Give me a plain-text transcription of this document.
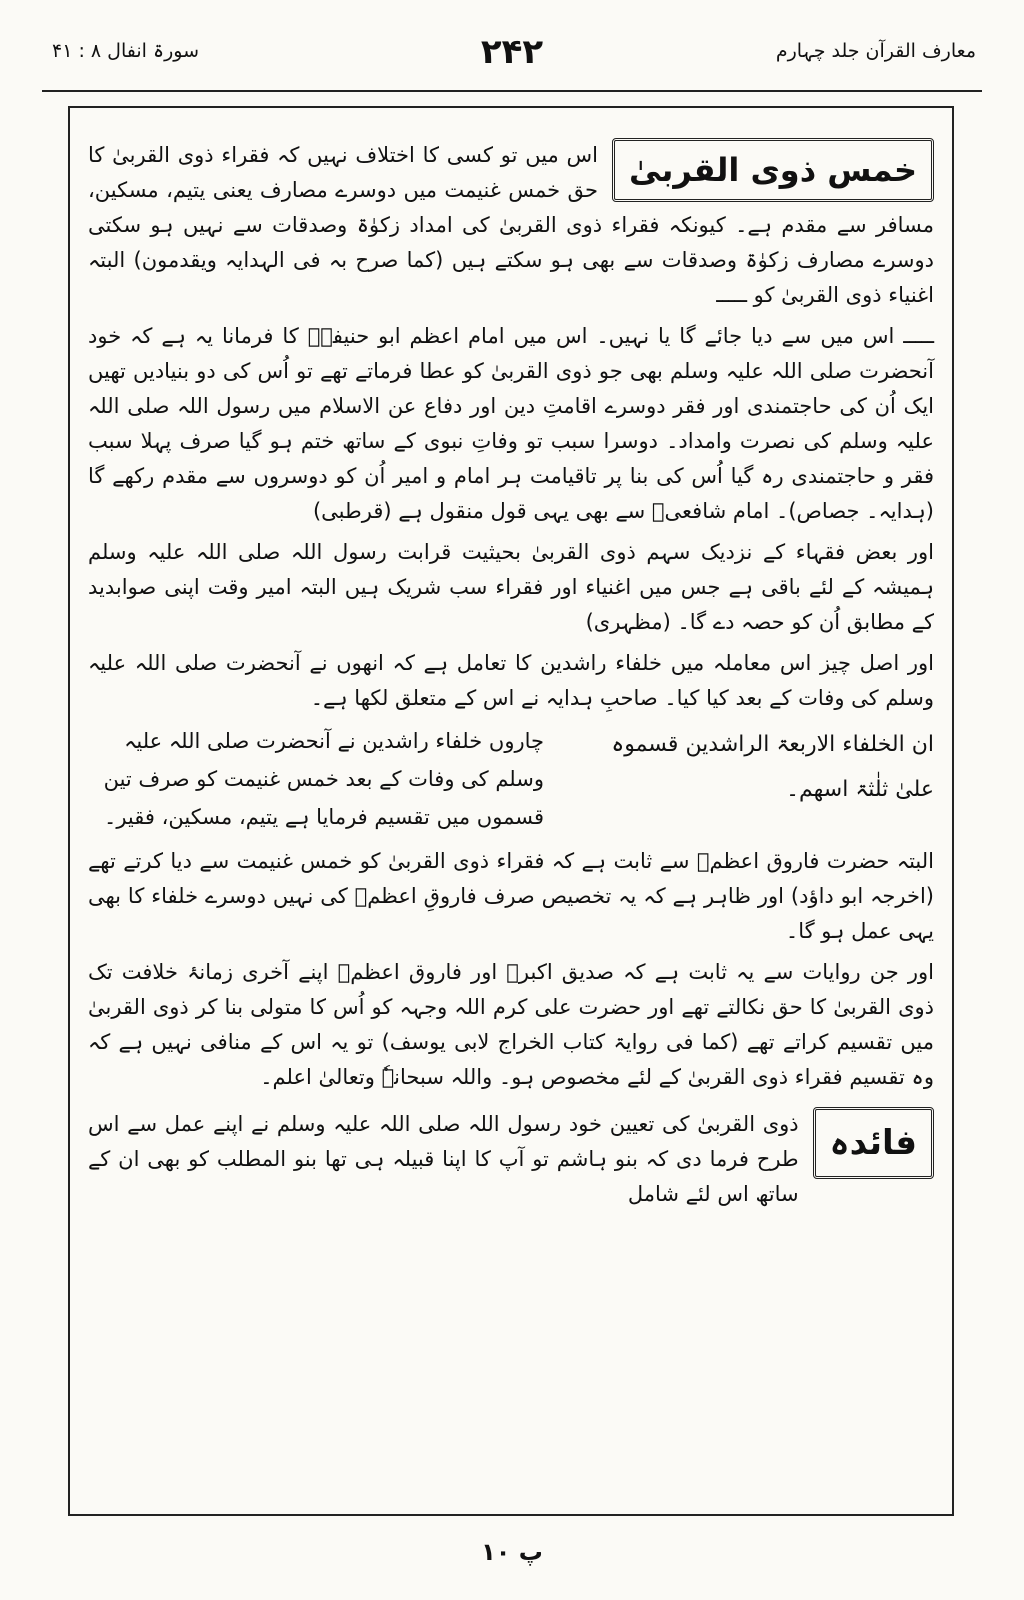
معارف القرآن جلد چہارم
۲۴۲
سورۃ انفال ۸ : ۴۱
خمس ذوی القربیٰ

اس میں تو کسی کا اختلاف نہیں کہ فقراء ذوی القربیٰ کا حق خمس غنیمت میں دوسرے مصارف یعنی یتیم، مسکین، مسافر سے مقدم ہے۔ کیونکہ فقراء ذوی القربیٰ کی امداد زکوٰۃ وصدقات سے نہیں ہو سکتی دوسرے مصارف زکوٰۃ وصدقات سے بھی ہو سکتے ہیں (کما صرح بہ فی الہدایہ ویقدمون) البتہ اغنیاء ذوی القربیٰ کو ـــــ

ـــــ اس میں سے دیا جائے گا یا نہیں۔ اس میں امام اعظم ابو حنیفہؒ کا فرمانا یہ ہے کہ خود آنحضرت صلی اللہ علیہ وسلم بھی جو ذوی القربیٰ کو عطا فرماتے تھے تو اُس کی دو بنیادیں تھیں ایک اُن کی حاجتمندی اور فقر دوسرے اقامتِ دین اور دفاع عن الاسلام میں رسول اللہ صلی اللہ علیہ وسلم کی نصرت وامداد۔ دوسرا سبب تو وفاتِ نبوی کے ساتھ ختم ہو گیا صرف پہلا سبب فقر و حاجتمندی رہ گیا اُس کی بنا پر تاقیامت ہر امام و امیر اُن کو دوسروں سے مقدم رکھے گا (ہدایہ۔ جصاص)۔ امام شافعیؒ سے بھی یہی قول منقول ہے (قرطبی)

اور بعض فقہاء کے نزدیک سہم ذوی القربیٰ بحیثیت قرابت رسول اللہ صلی اللہ علیہ وسلم ہمیشہ کے لئے باقی ہے جس میں اغنیاء اور فقراء سب شریک ہیں البتہ امیر وقت اپنی صوابدید کے مطابق اُن کو حصہ دے گا۔ (مظہری)

اور اصل چیز اس معاملہ میں خلفاء راشدین کا تعامل ہے کہ انھوں نے آنحضرت صلی اللہ علیہ وسلم کی وفات کے بعد کیا کیا۔ صاحبِ ہدایہ نے اس کے متعلق لکھا ہے۔

ان الخلفاء الاربعۃ الراشدین قسموہ علیٰ ثلٰثۃ اسھم۔
چاروں خلفاء راشدین نے آنحضرت صلی اللہ علیہ وسلم کی وفات کے بعد خمس غنیمت کو صرف تین قسموں میں تقسیم فرمایا ہے یتیم، مسکین، فقیر۔

البتہ حضرت فاروق اعظمؓ سے ثابت ہے کہ فقراء ذوی القربیٰ کو خمس غنیمت سے دیا کرتے تھے (اخرجہ ابو داؤد) اور ظاہر ہے کہ یہ تخصیص صرف فاروقِ اعظمؓ کی نہیں دوسرے خلفاء کا بھی یہی عمل ہو گا۔

اور جن روایات سے یہ ثابت ہے کہ صدیق اکبرؓ اور فاروق اعظمؓ اپنے آخری زمانۂ خلافت تک ذوی القربیٰ کا حق نکالتے تھے اور حضرت علی کرم اللہ وجہہ کو اُس کا متولی بنا کر ذوی القربیٰ میں تقسیم کراتے تھے (کما فی روایۃ کتاب الخراج لابی یوسف) تو یہ اس کے منافی نہیں ہے کہ وہ تقسیم فقراء ذوی القربیٰ کے لئے مخصوص ہو۔ واللہ سبحانہٗ وتعالیٰ اعلم۔

فائدہ

ذوی القربیٰ کی تعیین خود رسول اللہ صلی اللہ علیہ وسلم نے اپنے عمل سے اس طرح فرما دی کہ بنو ہاشم تو آپ کا اپنا قبیلہ ہی تھا بنو المطلب کو بھی ان کے ساتھ اس لئے شامل

پ ۱۰
